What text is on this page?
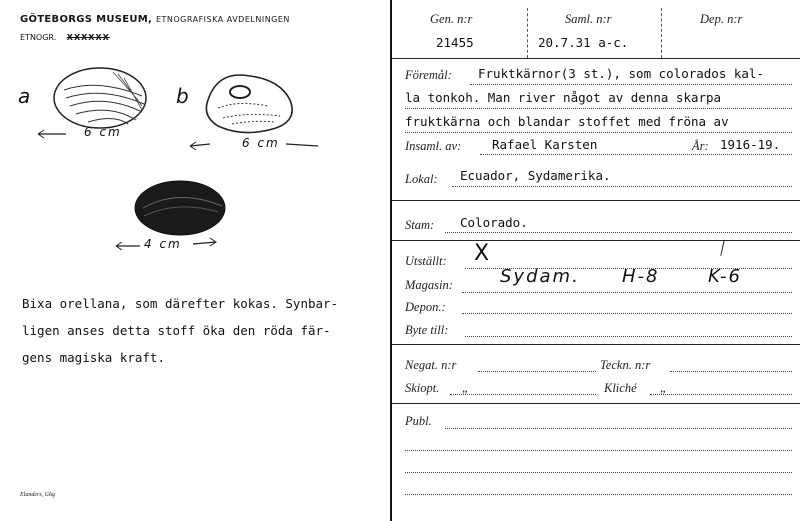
GÖTEBORGS MUSEUM, ETNOGRAFISKA AVDELNINGEN
ETNOGR. XXXXXX
a	b
6 cm
6 cm
4 cm
Bixa orellana, som därefter kokas. Synbar-
ligen anses detta stoff öka den röda fär-
gens magiska kraft.
Elanders, Gbg
Gen. n:r	Saml. n:r	Dep. n:r
21455	20.7.31 a-c.
Föremål: Fruktkärnor(3 st.), som colorados kal-
la tonkoh. Man river något av denna skarpa
fruktkärna och blandar stoffet med fröna av
Insaml. av: Rafael Karsten	År: 1916-19.
Lokal: Ecuador, Sydamerika.
Stam: Colorado.
Utställt: X
Magasin:	Sydam. H-8	K-6
Depon.:
Byte till:
Negat. n:r	Teckn. n:r
Skiopt. „	Kliché „
Publ.
